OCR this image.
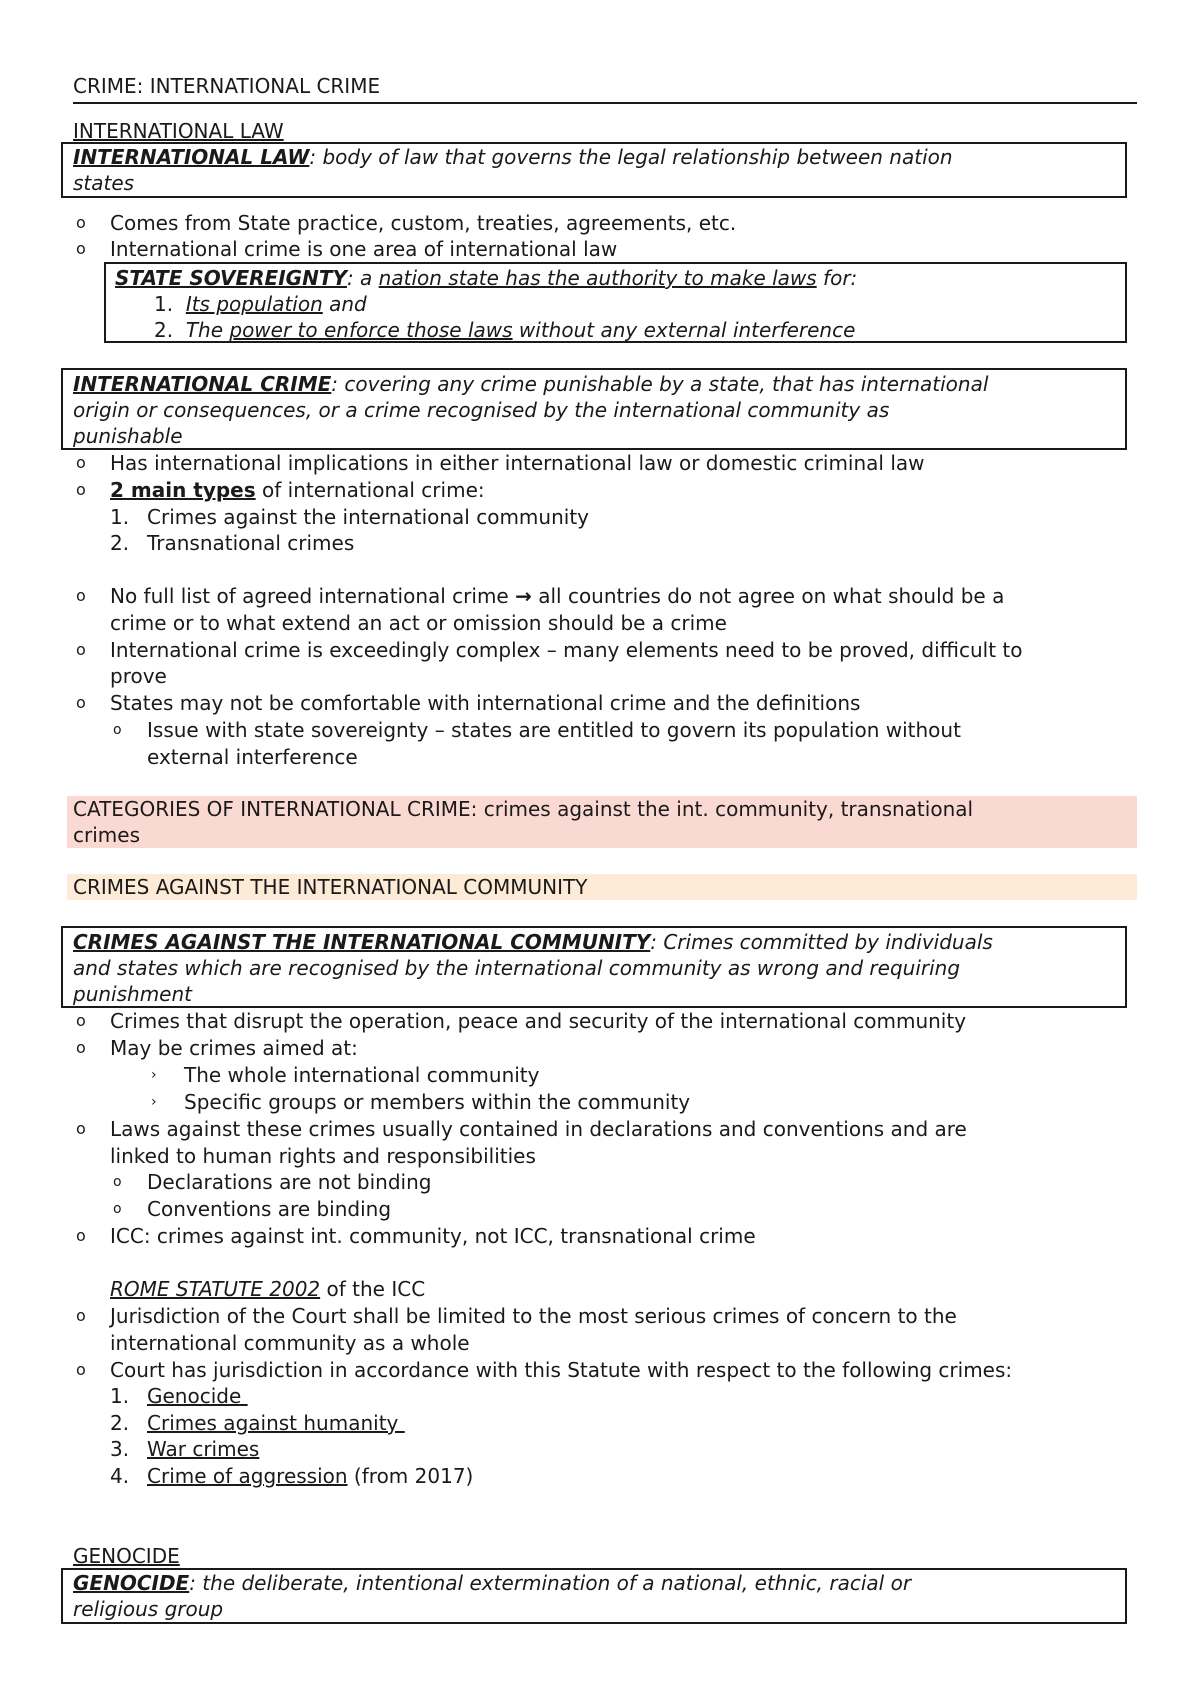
CRIME: INTERNATIONAL CRIME
INTERNATIONAL LAW
INTERNATIONAL LAW: body of law that governs the legal relationship between nation
states
o Comes from State practice, custom, treaties, agreements, etc.
o International crime is one area of international law
STATE SOVEREIGNTY: a nation state has the authority to make laws for:
1. Its population and
2. The power to enforce those laws without any external interference
INTERNATIONAL CRIME: covering any crime punishable by a state, that has international
origin or consequences, or a crime recognised by the international community as
punishable
o Has international implications in either international law or domestic criminal law
o 2 main types of international crime:
1. Crimes against the international community
2. Transnational crimes
o No full list of agreed international crime → all countries do not agree on what should be a
crime or to what extend an act or omission should be a crime
o International crime is exceedingly complex – many elements need to be proved, difficult to
prove
o States may not be comfortable with international crime and the definitions
o Issue with state sovereignty – states are entitled to govern its population without
external interference
CATEGORIES OF INTERNATIONAL CRIME: crimes against the int. community, transnational
crimes
CRIMES AGAINST THE INTERNATIONAL COMMUNITY
CRIMES AGAINST THE INTERNATIONAL COMMUNITY: Crimes committed by individuals
and states which are recognised by the international community as wrong and requiring
punishment
o Crimes that disrupt the operation, peace and security of the international community
o May be crimes aimed at:
› The whole international community
› Specific groups or members within the community
o Laws against these crimes usually contained in declarations and conventions and are
linked to human rights and responsibilities
o Declarations are not binding
o Conventions are binding
o ICC: crimes against int. community, not ICC, transnational crime
ROME STATUTE 2002 of the ICC
o Jurisdiction of the Court shall be limited to the most serious crimes of concern to the
international community as a whole
o Court has jurisdiction in accordance with this Statute with respect to the following crimes:
1. Genocide
2. Crimes against humanity
3. War crimes
4. Crime of aggression (from 2017)
GENOCIDE
GENOCIDE: the deliberate, intentional extermination of a national, ethnic, racial or
religious group
